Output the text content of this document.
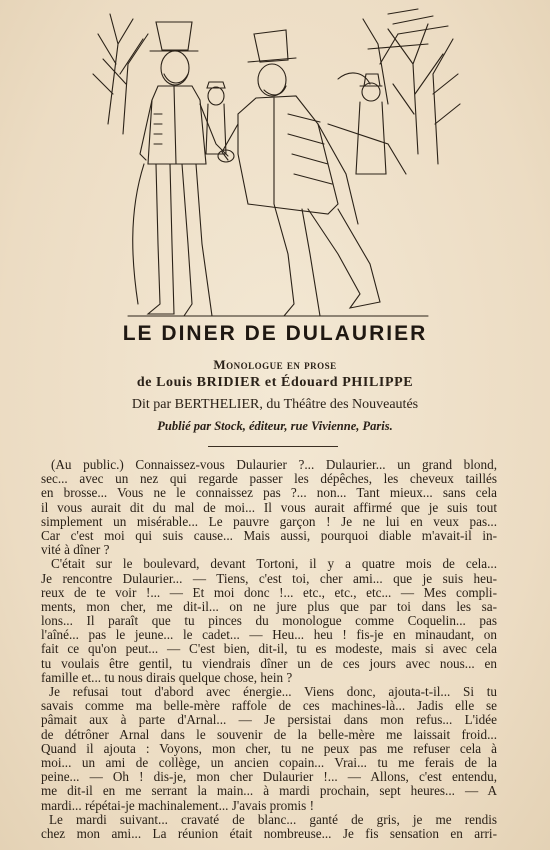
LE DINER DE DULAURIER
Monologue en prose
de Louis BRIDIER et Édouard PHILIPPE
Dit par BERTHELIER, du Théâtre des Nouveautés
Publié par Stock, éditeur, rue Vivienne, Paris.
(Au public.) Connaissez-vous Dulaurier ?... Dulaurier... un grand blond,
sec... avec un nez qui regarde passer les dépêches, les cheveux taillés
en brosse... Vous ne le connaissez pas ?... non... Tant mieux... sans cela
il vous aurait dit du mal de moi... Il vous aurait affirmé que je suis tout
simplement un misérable... Le pauvre garçon ! Je ne lui en veux pas...
Car c'est moi qui suis cause... Mais aussi, pourquoi diable m'avait-il in-
vité à dîner ?
C'était sur le boulevard, devant Tortoni, il y a quatre mois de cela...
Je rencontre Dulaurier... — Tiens, c'est toi, cher ami... que je suis heu-
reux de te voir !... — Et moi donc !... etc., etc., etc... — Mes compli-
ments, mon cher, me dit-il... on ne jure plus que par toi dans les sa-
lons... Il paraît que tu pinces du monologue comme Coquelin... pas
l'aîné... pas le jeune... le cadet... — Heu... heu ! fis-je en minaudant, on
fait ce qu'on peut... — C'est bien, dit-il, tu es modeste, mais si avec cela
tu voulais être gentil, tu viendrais dîner un de ces jours avec nous... en
famille et... tu nous dirais quelque chose, hein ?
Je refusai tout d'abord avec énergie... Viens donc, ajouta-t-il... Si tu
savais comme ma belle-mère raffole de ces machines-là... Jadis elle se
pâmait aux à parte d'Arnal... — Je persistai dans mon refus... L'idée
de détrôner Arnal dans le souvenir de la belle-mère me laissait froid...
Quand il ajouta : Voyons, mon cher, tu ne peux pas me refuser cela à
moi... un ami de collège, un ancien copain... Vrai... tu me ferais de la
peine... — Oh ! dis-je, mon cher Dulaurier !... — Allons, c'est entendu,
me dit-il en me serrant la main... à mardi prochain, sept heures... — A
mardi... répétai-je machinalement... J'avais promis !
Le mardi suivant... cravaté de blanc... ganté de gris, je me rendis
chez mon ami... La réunion était nombreuse... Je fis sensation en arri-
